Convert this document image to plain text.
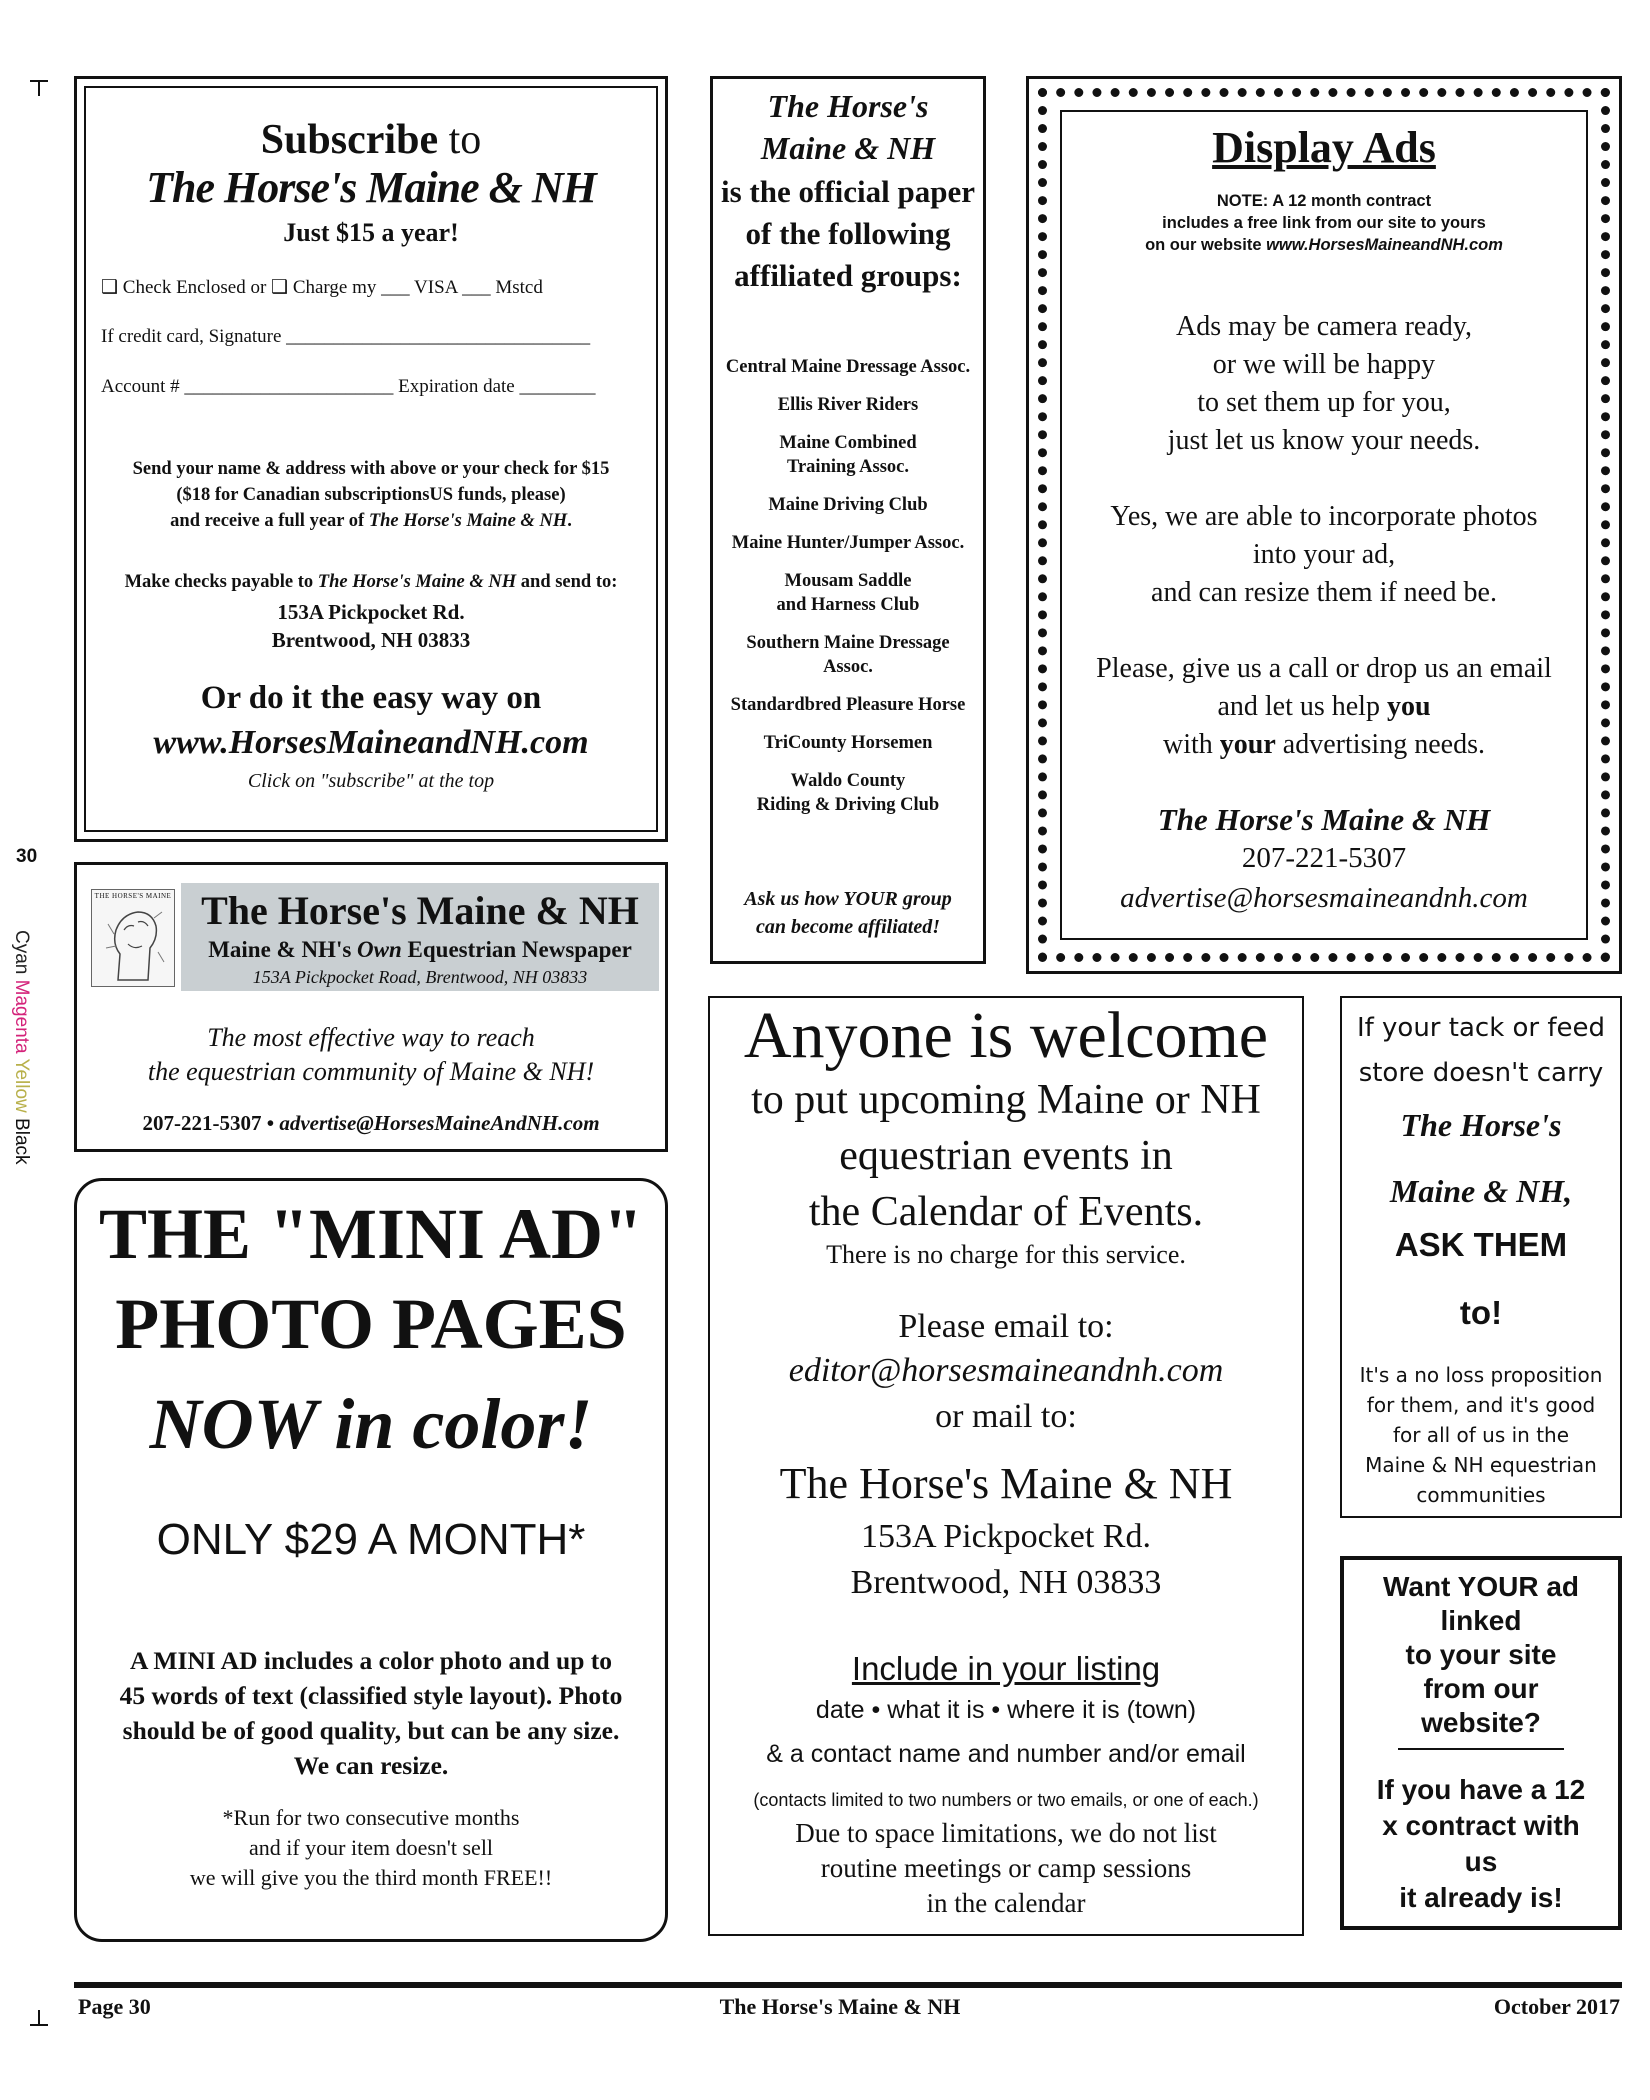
30
Cyan Magenta Yellow Black
Subscribe to
The Horse's Maine & NH
Just $15 a year!
❑ Check Enclosed or ❑ Charge my ___ VISA ___ Mstcd
If credit card, Signature ________________________________
Account # ______________________ Expiration date ________
Send your name & address with above or your check for $15
($18 for Canadian subscriptionsUS funds, please)
and receive a full year of The Horse's Maine & NH.
Make checks payable to The Horse's Maine & NH and send to:
153A Pickpocket Rd.
Brentwood, NH 03833
Or do it the easy way on
www.HorsesMaineandNH.com
Click on "subscribe" at the top
The Horse's
Maine & NH
is the official paper
of the following
affiliated groups:
Central Maine Dressage Assoc.
Ellis River Riders
Maine Combined
Training Assoc.
Maine Driving Club
Maine Hunter/Jumper Assoc.
Mousam Saddle
and Harness Club
Southern Maine Dressage
Assoc.
Standardbred Pleasure Horse
TriCounty Horsemen
Waldo County
Riding & Driving Club
Ask us how YOUR group
can become affiliated!
Display Ads
NOTE: A 12 month contract
includes a free link from our site to yours
on our website www.HorsesMaineandNH.com
Ads may be camera ready,
or we will be happy
to set them up for you,
just let us know your needs.
Yes, we are able to incorporate photos
into your ad,
and can resize them if need be.
Please, give us a call or drop us an email
and let us help you
with your advertising needs.
The Horse's Maine & NH
207-221-5307
advertise@horsesmaineandnh.com
THE HORSE'S MAINE The Horse's Maine & NH
Maine & NH's Own Equestrian Newspaper
153A Pickpocket Road, Brentwood, NH 03833
The most effective way to reach
the equestrian community of Maine & NH!
207-221-5307 • advertise@HorsesMaineAndNH.com
THE "MINI AD"
PHOTO PAGES
NOW in color!
ONLY $29 A MONTH*
A MINI AD includes a color photo and up to
45 words of text (classified style layout). Photo
should be of good quality, but can be any size.
We can resize.
*Run for two consecutive months
and if your item doesn't sell
we will give you the third month FREE!!
Anyone is welcome
to put upcoming Maine or NH
equestrian events in
the Calendar of Events.
There is no charge for this service.
Please email to:
editor@horsesmaineandnh.com
or mail to:
The Horse's Maine & NH
153A Pickpocket Rd.
Brentwood, NH 03833
Include in your listing
date • what it is • where it is (town)
& a contact name and number and/or email
(contacts limited to two numbers or two emails, or one of each.)
Due to space limitations, we do not list
routine meetings or camp sessions
in the calendar
If your tack or feed
store doesn't carry
The Horse's
Maine & NH,
ASK THEM
to!
It's a no loss proposition
for them, and it's good
for all of us in the
Maine & NH equestrian
communities
Want YOUR ad
linked
to your site
from our
website?
If you have a 12
x contract with
us
it already is!
Page 30	The Horse's Maine & NH	October 2017
